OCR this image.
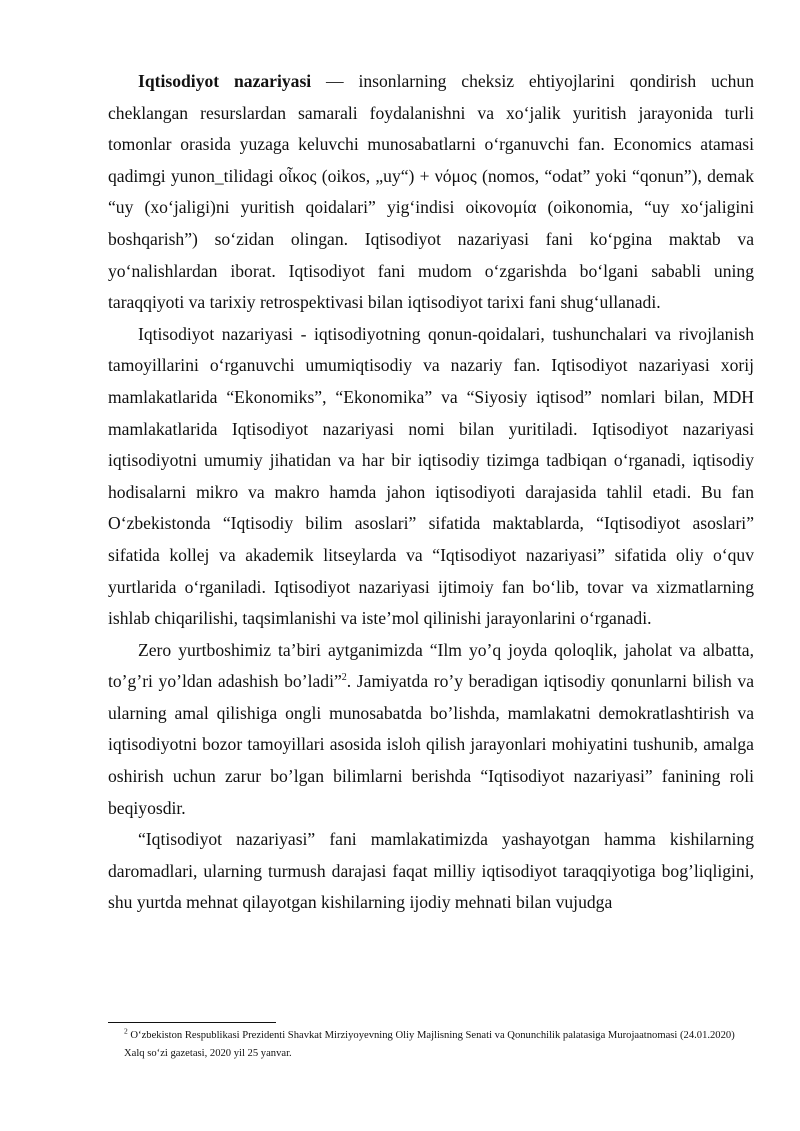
Iqtisodiyot nazariyasi — insonlarning cheksiz ehtiyojlarini qondirish uchun cheklangan resurslardan samarali foydalanishni va xo‘jalik yuritish jarayonida turli tomonlar orasida yuzaga keluvchi munosabatlarni o‘rganuvchi fan. Economics atamasi qadimgi yunon_tilidagi οἶκος (oikos, „uy“) + νόμος (nomos, “odat” yoki “qonun”), demak “uy (xo‘jaligi)ni yuritish qoidalari” yig‘indisi οἰκονομία (oikonomia, “uy xo‘jaligini boshqarish”) so‘zidan olingan. Iqtisodiyot nazariyasi fani ko‘pgina maktab va yo‘nalishlardan iborat. Iqtisodiyot fani mudom o‘zgarishda bo‘lgani sababli uning taraqqiyoti va tarixiy retrospektivasi bilan iqtisodiyot tarixi fani shug‘ullanadi.

Iqtisodiyot nazariyasi - iqtisodiyotning qonun-qoidalari, tushunchalari va rivojlanish tamoyillarini o‘rganuvchi umumiqtisodiy va nazariy fan. Iqtisodiyot nazariyasi xorij mamlakatlarida “Ekonomiks”, “Ekonomika” va “Siyosiy iqtisod” nomlari bilan, MDH mamlakatlarida Iqtisodiyot nazariyasi nomi bilan yuritiladi. Iqtisodiyot nazariyasi iqtisodiyotni umumiy jihatidan va har bir iqtisodiy tizimga tadbiqan o‘rganadi, iqtisodiy hodisalarni mikro va makro hamda jahon iqtisodiyoti darajasida tahlil etadi. Bu fan O‘zbekistonda “Iqtisodiy bilim asoslari” sifatida maktablarda, “Iqtisodiyot asoslari” sifatida kollej va akademik litseylarda va “Iqtisodiyot nazariyasi” sifatida oliy o‘quv yurtlarida o‘rganiladi. Iqtisodiyot nazariyasi ijtimoiy fan bo‘lib, tovar va xizmatlarning ishlab chiqarilishi, taqsimlanishi va iste’mol qilinishi jarayonlarini o‘rganadi.

Zero yurtboshimiz ta’biri aytganimizda “Ilm yo’q joyda qoloqlik, jaholat va albatta, to’g’ri yo’ldan adashish bo’ladi”$^2$. Jamiyatda ro’y beradigan iqtisodiy qonunlarni bilish va ularning amal qilishiga ongli munosabatda bo’lishda, mamlakatni demokratlashtirish va iqtisodiyotni bozor tamoyillari asosida isloh qilish jarayonlari mohiyatini tushunib, amalga oshirish uchun zarur bo’lgan bilimlarni berishda “Iqtisodiyot nazariyasi” fanining roli beqiyosdir.

“Iqtisodiyot nazariyasi” fani mamlakatimizda yashayotgan hamma kishilarning daromadlari, ularning turmush darajasi faqat milliy iqtisodiyot taraqqiyotiga bog’liqligini, shu yurtda mehnat qilayotgan kishilarning ijodiy mehnati bilan vujudga

$^2$ O‘zbekiston Respublikasi Prezidenti Shavkat Mirziyoyevning Oliy Majlisning Senati va Qonunchilik palatasiga Murojaatnomasi (24.01.2020)
Xalq so‘zi gazetasi, 2020 yil 25 yanvar.
